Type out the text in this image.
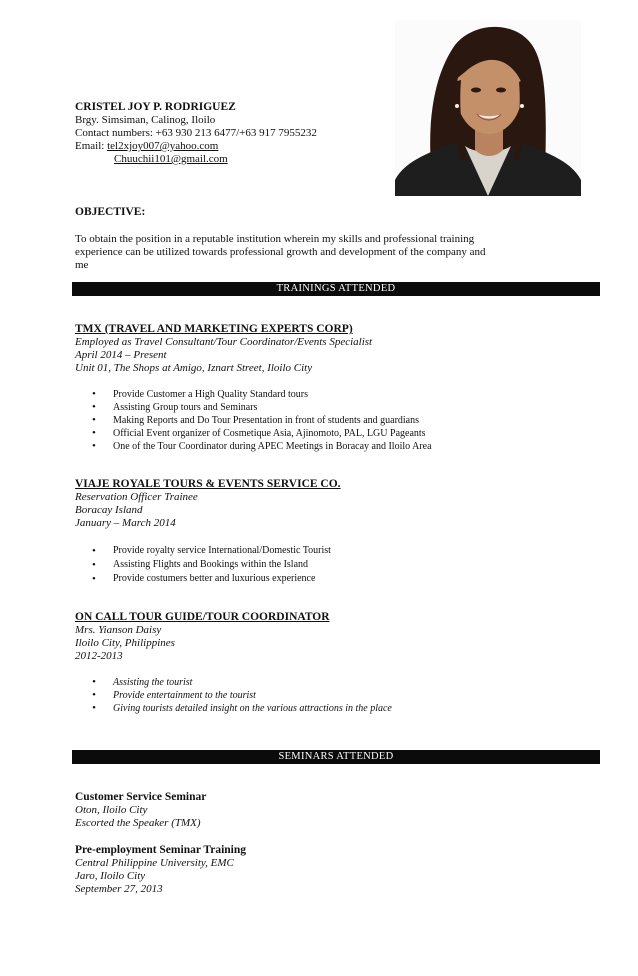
CRISTEL JOY P. RODRIGUEZ
Brgy. Simsiman, Calinog, Iloilo
Contact numbers: +63 930 213 6477/+63 917 7955232
Email: tel2xjoy007@yahoo.com
Chuuchii101@gmail.com
OBJECTIVE:
To obtain the position in a reputable institution wherein my skills and professional training
experience can be utilized towards professional growth and development of the company and
me
TRAININGS ATTENDED
TMX (TRAVEL AND MARKETING EXPERTS CORP)
Employed as Travel Consultant/Tour Coordinator/Events Specialist
April 2014 – Present
Unit 01, The Shops at Amigo, Iznart Street, Iloilo City
• Provide Customer a High Quality Standard tours
• Assisting Group tours and Seminars
• Making Reports and Do Tour Presentation in front of students and guardians
• Official Event organizer of Cosmetique Asia, Ajinomoto, PAL, LGU Pageants
• One of the Tour Coordinator during APEC Meetings in Boracay and Iloilo Area
VIAJE ROYALE TOURS & EVENTS SERVICE CO.
Reservation Officer Trainee
Boracay Island
January – March 2014
• Provide royalty service International/Domestic Tourist
• Assisting Flights and Bookings within the Island
• Provide costumers better and luxurious experience
ON CALL TOUR GUIDE/TOUR COORDINATOR
Mrs. Yianson Daisy
Iloilo City, Philippines
2012-2013
• Assisting the tourist
• Provide entertainment to the tourist
• Giving tourists detailed insight on the various attractions in the place
SEMINARS ATTENDED
Customer Service Seminar
Oton, Iloilo City
Escorted the Speaker (TMX)
Pre-employment Seminar Training
Central Philippine University, EMC
Jaro, Iloilo City
September 27, 2013
